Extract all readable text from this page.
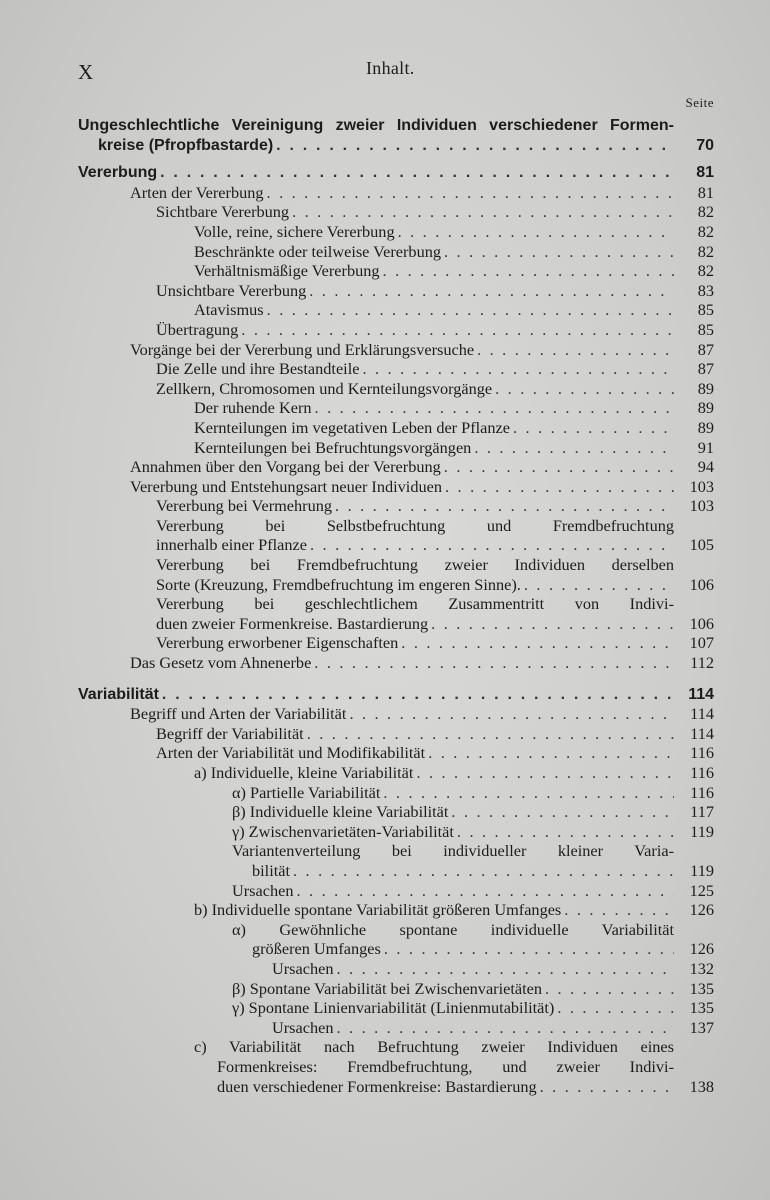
X	Inhalt.
Seite
Ungeschlechtliche Vereinigung zweier Individuen verschiedener Formen-
kreise (Pfropfbastarde) . . .	70
Vererbung . . .	81
Arten der Vererbung . . .	81
Sichtbare Vererbung . . .	82
Volle, reine, sichere Vererbung . . .	82
Beschränkte oder teilweise Vererbung . . .	82
Verhältnismäßige Vererbung . . .	82
Unsichtbare Vererbung . . .	83
Atavismus . . .	85
Übertragung . . .	85
Vorgänge bei der Vererbung und Erklärungsversuche . . .	87
Die Zelle und ihre Bestandteile . . .	87
Zellkern, Chromosomen und Kernteilungsvorgänge . . .	89
Der ruhende Kern . . .	89
Kernteilungen im vegetativen Leben der Pflanze . . .	89
Kernteilungen bei Befruchtungsvorgängen . . .	91
Annahmen über den Vorgang bei der Vererbung . . .	94
Vererbung und Entstehungsart neuer Individuen . . .	103
Vererbung bei Vermehrung . . .	103
Vererbung bei Selbstbefruchtung und Fremdbefruchtung
innerhalb einer Pflanze . . .	105
Vererbung bei Fremdbefruchtung zweier Individuen derselben
Sorte (Kreuzung, Fremdbefruchtung im engeren Sinne). . . .	106
Vererbung bei geschlechtlichem Zusammentritt von Indivi-
duen zweier Formenkreise. Bastardierung . . .	106
Vererbung erworbener Eigenschaften . . .	107
Das Gesetz vom Ahnenerbe . . .	112
Variabilität . . .	114
Begriff und Arten der Variabilität . . .	114
Begriff der Variabilität . . .	114
Arten der Variabilität und Modifikabilität . . .	116
a) Individuelle, kleine Variabilität . . .	116
α) Partielle Variabilität . . .	116
β) Individuelle kleine Variabilität . . .	117
γ) Zwischenvarietäten-Variabilität . . .	119
Variantenverteilung bei individueller kleiner Varia-
bilität . . .	119
Ursachen . . .	125
b) Individuelle spontane Variabilität größeren Umfanges . . .	126
α) Gewöhnliche spontane individuelle Variabilität
größeren Umfanges . . .	126
Ursachen . . .	132
β) Spontane Variabilität bei Zwischenvarietäten . . .	135
γ) Spontane Linienvariabilität (Linienmutabilität) . . .	135
Ursachen . . .	137
c) Variabilität nach Befruchtung zweier Individuen eines
Formenkreises: Fremdbefruchtung, und zweier Indivi-
duen verschiedener Formenkreise: Bastardierung . . .	138
